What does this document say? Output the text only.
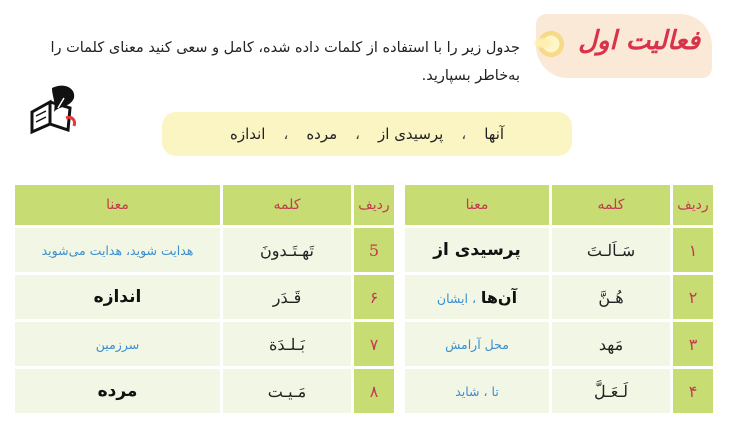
فعالیت اول
جدول زیر را با استفاده از کلمات داده شده، کامل و سعی کنید معنای کلمات را به‌خاطر بسپارید.
آنها
،
پرسیدی از
،
مرده
،
اندازه
ردیف	کلمه	معنا
۱	سَـاَلـتَ	پرسیدی از
۲	هُـنَّ	آن‌ها ، ایشان
۳	مَهد	محل آرامش
۴	لَـعَـلَّ	تا ، شاید
ردیف	کلمه	معنا
5	تَهـتَـدونَ	هدایت شوید، هدایت می‌شوید
۶	قَـدَر	اندازه
۷	بَـلـدَة	سرزمین
۸	مَـیـت	مرده
